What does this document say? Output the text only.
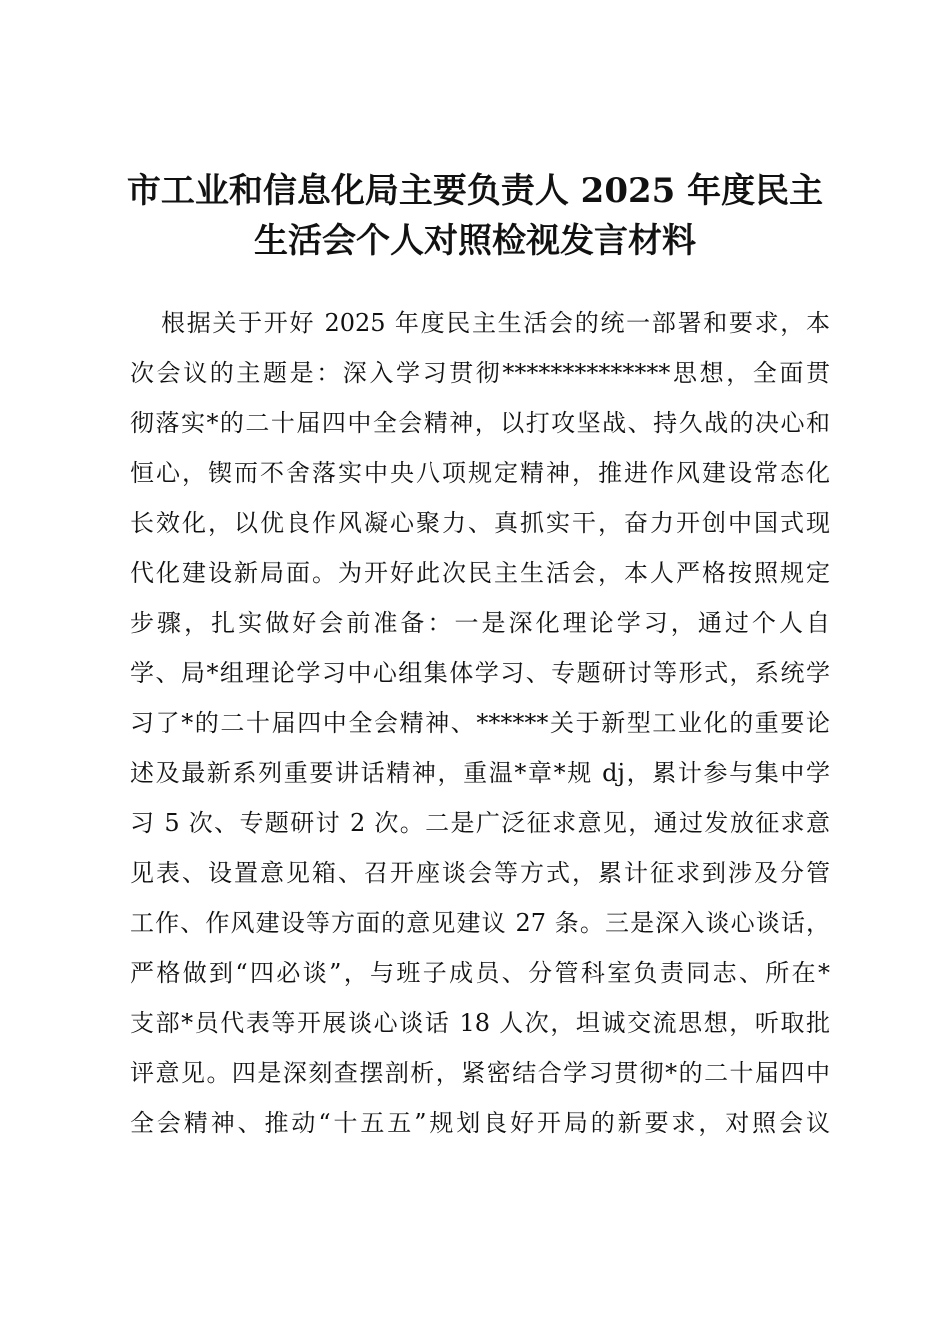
市工业和信息化局主要负责人 2025 年度民主
生活会个人对照检视发言材料

根据关于开好 2025 年度民主生活会的统一部署和要求，本

次会议的主题是：深入学习贯彻**************思想，全面贯

彻落实*的二十届四中全会精神，以打攻坚战、持久战的决心和

恒心，锲而不舍落实中央八项规定精神，推进作风建设常态化

长效化，以优良作风凝心聚力、真抓实干，奋力开创中国式现

代化建设新局面。为开好此次民主生活会，本人严格按照规定

步骤，扎实做好会前准备：一是深化理论学习，通过个人自

学、局*组理论学习中心组集体学习、专题研讨等形式，系统学

习了*的二十届四中全会精神、******关于新型工业化的重要论

述及最新系列重要讲话精神，重温*章*规 dj，累计参与集中学

习 5 次、专题研讨 2 次。二是广泛征求意见，通过发放征求意

见表、设置意见箱、召开座谈会等方式，累计征求到涉及分管

工作、作风建设等方面的意见建议 27 条。三是深入谈心谈话，

严格做到“四必谈”，与班子成员、分管科室负责同志、所在*

支部*员代表等开展谈心谈话 18 人次，坦诚交流思想，听取批

评意见。四是深刻查摆剖析，紧密结合学习贯彻*的二十届四中

全会精神、推动“十五五”规划良好开局的新要求，对照会议
